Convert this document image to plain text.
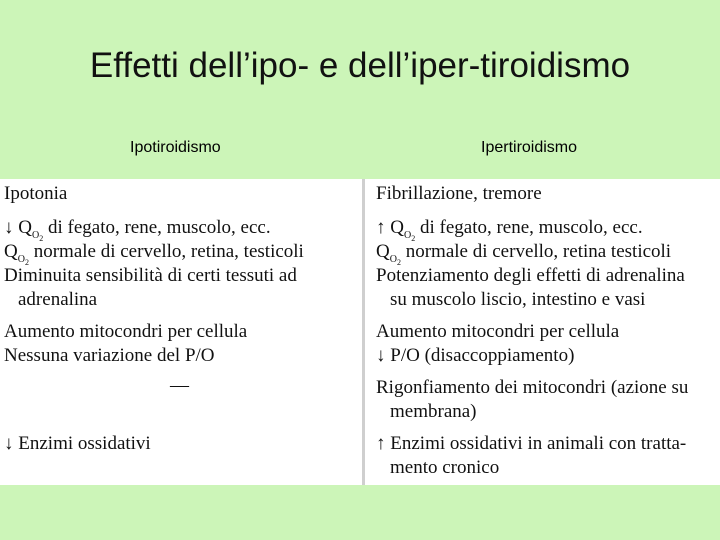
Effetti dell’ipo- e dell’iper-tiroidismo
Ipotiroidismo	Ipertiroidismo
Ipotonia
↓ $Q_{O_2}$ di fegato, rene, muscolo, ecc.
$Q_{O_2}$ normale di cervello, retina, testicoli
Diminuita sensibilità di certi tessuti ad
adrenalina
Aumento mitocondri per cellula
Nessuna variazione del P/O
—
↓ Enzimi ossidativi
Fibrillazione, tremore
↑ $Q_{O_2}$ di fegato, rene, muscolo, ecc.
$Q_{O_2}$ normale di cervello, retina testicoli
Potenziamento degli effetti di adrenalina
su muscolo liscio, intestino e vasi
Aumento mitocondri per cellula
↓ P/O (disaccoppiamento)
Rigonfiamento dei mitocondri (azione su
membrana)
↑ Enzimi ossidativi in animali con tratta-
mento cronico
